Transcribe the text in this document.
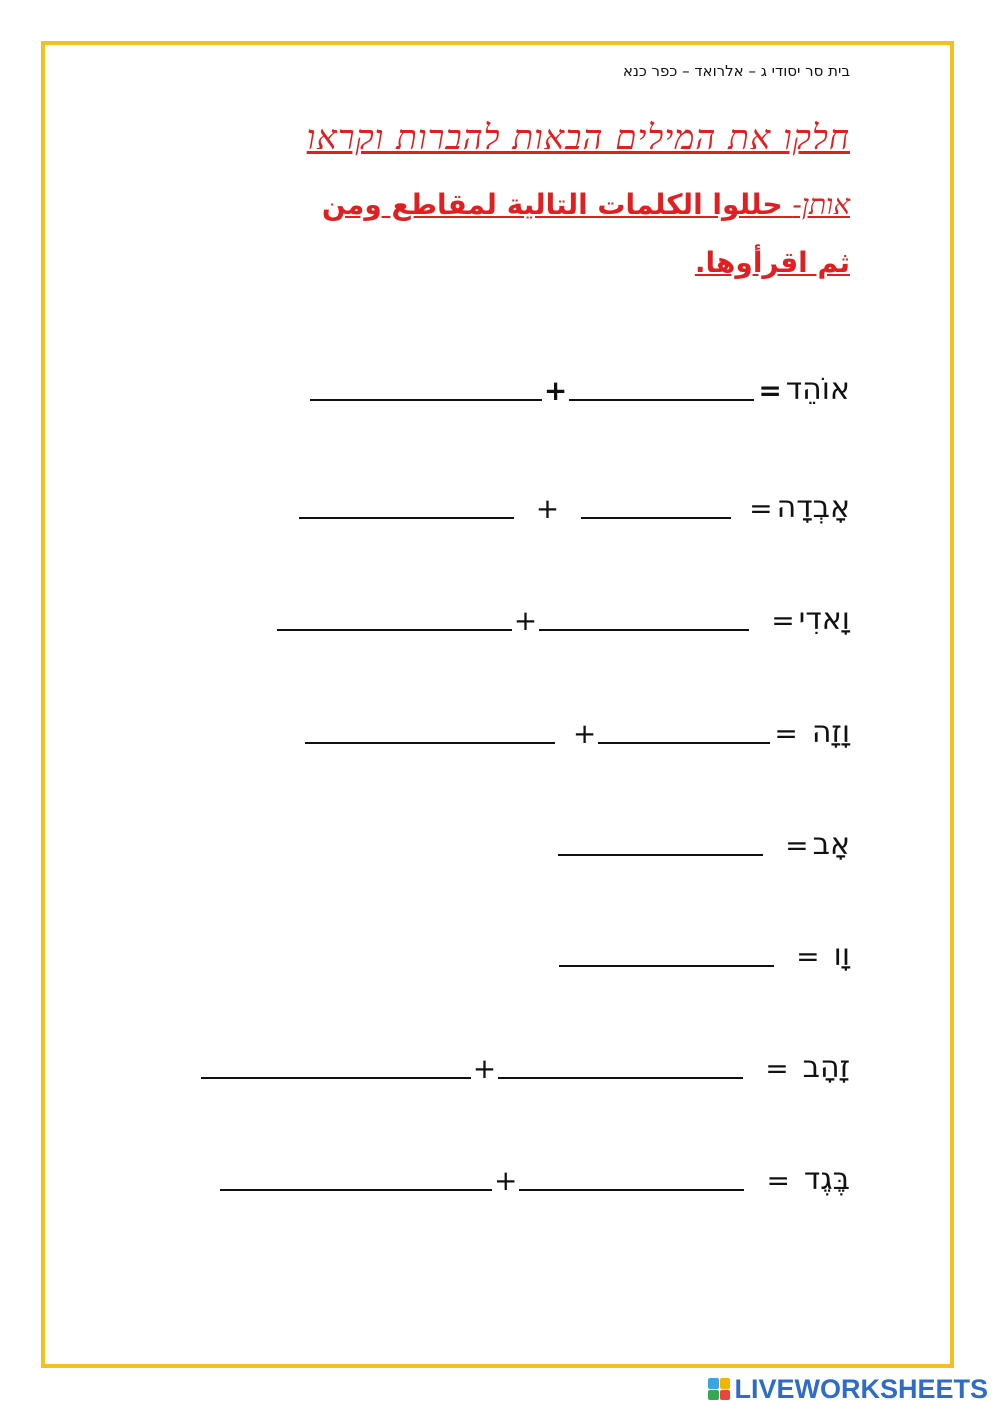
בית סר יסודי ג – אלרואד – כפר כנא
חלקו את המילים הבאות להברות וקראו
אותן- حللوا الكلمات التالية لمقاطع ومن
ثم اقرأوها.
אוֹהֵד
=
+
אָבְדָה
=
+
וָאדִי
=
+
וָזָה
=
+
אָב
=
וָו
=
זָהָב
=
+
בֶּגֶד
=
+
LIVEWORKSHEETS
